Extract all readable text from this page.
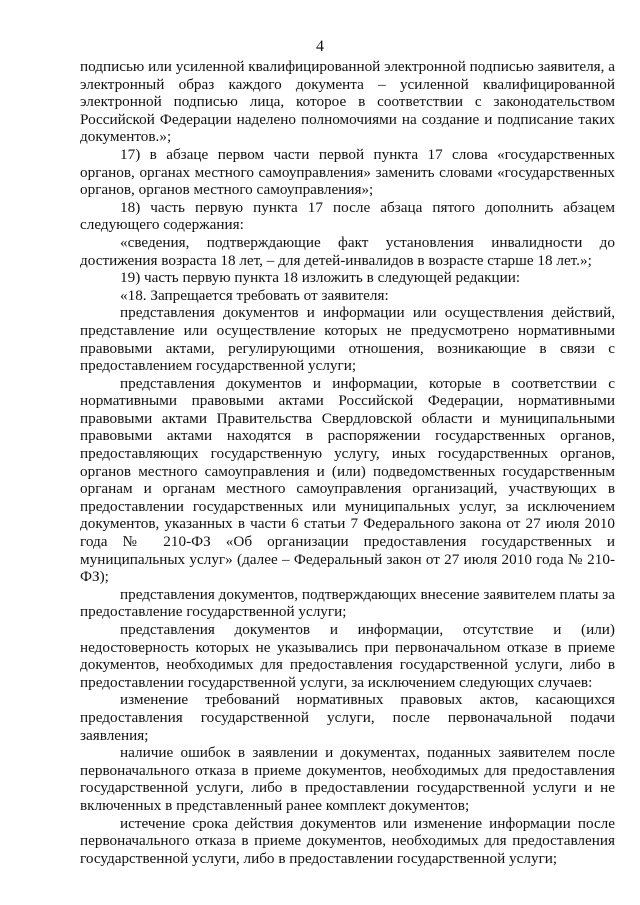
4

подписью или усиленной квалифицированной электронной подписью заявителя, а электронный образ каждого документа – усиленной квалифицированной электронной подписью лица, которое в соответствии с законодательством Российской Федерации наделено полномочиями на создание и подписание таких документов.»;

17) в абзаце первом части первой пункта 17 слова «государственных органов, органах местного самоуправления» заменить словами «государственных органов, органов местного самоуправления»;

18) часть первую пункта 17 после абзаца пятого дополнить абзацем следующего содержания:

«сведения, подтверждающие факт установления инвалидности до достижения возраста 18 лет, – для детей-инвалидов в возрасте старше 18 лет.»;

19) часть первую пункта 18 изложить в следующей редакции:

«18. Запрещается требовать от заявителя:

представления документов и информации или осуществления действий, представление или осуществление которых не предусмотрено нормативными правовыми актами, регулирующими отношения, возникающие в связи с предоставлением государственной услуги;

представления документов и информации, которые в соответствии с нормативными правовыми актами Российской Федерации, нормативными правовыми актами Правительства Свердловской области и муниципальными правовыми актами находятся в распоряжении государственных органов, предоставляющих государственную услугу, иных государственных органов, органов местного самоуправления и (или) подведомственных государственным органам и органам местного самоуправления организаций, участвующих в предоставлении государственных или муниципальных услуг, за исключением документов, указанных в части 6 статьи 7 Федерального закона от 27 июля 2010 года № 210-ФЗ «Об организации предоставления государственных и муниципальных услуг» (далее – Федеральный закон от 27 июля 2010 года № 210-ФЗ);

представления документов, подтверждающих внесение заявителем платы за предоставление государственной услуги;

представления документов и информации, отсутствие и (или) недостоверность которых не указывались при первоначальном отказе в приеме документов, необходимых для предоставления государственной услуги, либо в предоставлении государственной услуги, за исключением следующих случаев:

изменение требований нормативных правовых актов, касающихся предоставления государственной услуги, после первоначальной подачи заявления;

наличие ошибок в заявлении и документах, поданных заявителем после первоначального отказа в приеме документов, необходимых для предоставления государственной услуги, либо в предоставлении государственной услуги и не включенных в представленный ранее комплект документов;

истечение срока действия документов или изменение информации после первоначального отказа в приеме документов, необходимых для предоставления государственной услуги, либо в предоставлении государственной услуги;
